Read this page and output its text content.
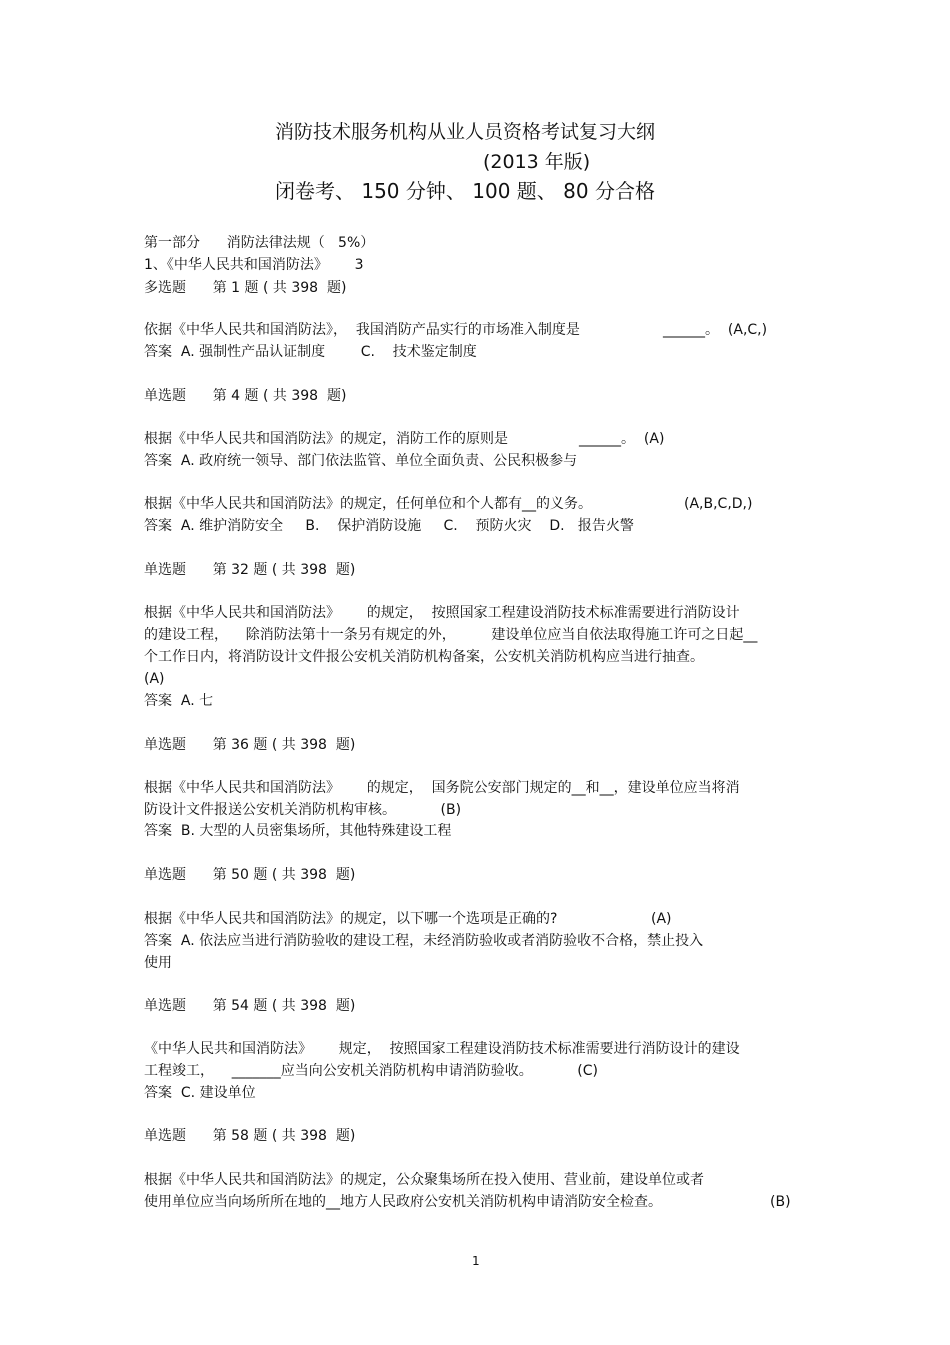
消防技术服务机构从业人员资格考试复习大纲
(2013 年版)
闭卷考、 150 分钟、 100 题、 80 分合格
第一部分      消防法律法规（   5%）
1、《中华人民共和国消防法》      3
多选题      第 1 题 ( 共 398  题)
依据《中华人民共和国消防法》，  我国消防产品实行的市场准入制度是	______。  (A,C,)
答案  A. 强制性产品认证制度        C.    技术鉴定制度
单选题      第 4 题 ( 共 398  题)
根据《中华人民共和国消防法》的规定，消防工作的原则是	______。  (A)
答案  A. 政府统一领导、部门依法监管、单位全面负责、公民积极参与
根据《中华人民共和国消防法》的规定，任何单位和个人都有__的义务。	(A,B,C,D,)
答案  A. 维护消防安全     B.    保护消防设施     C.    预防火灾    D.   报告火警
单选题      第 32 题 ( 共 398  题)
根据《中华人民共和国消防法》      的规定，  按照国家工程建设消防技术标准需要进行消防设计
的建设工程，    除消防法第十一条另有规定的外，        建设单位应当自依法取得施工许可之日起__
个工作日内，将消防设计文件报公安机关消防机构备案，公安机关消防机构应当进行抽查。
(A)
答案  A. 七
单选题      第 36 题 ( 共 398  题)
根据《中华人民共和国消防法》      的规定，  国务院公安部门规定的__和__，建设单位应当将消
防设计文件报送公安机关消防机构审核。          (B)
答案  B. 大型的人员密集场所，其他特殊建设工程
单选题      第 50 题 ( 共 398  题)
根据《中华人民共和国消防法》的规定，以下哪一个选项是正确的?	(A)
答案  A. 依法应当进行消防验收的建设工程，未经消防验收或者消防验收不合格，禁止投入
使用
单选题      第 54 题 ( 共 398  题)
《中华人民共和国消防法》      规定，  按照国家工程建设消防技术标准需要进行消防设计的建设
工程竣工，    _______应当向公安机关消防机构申请消防验收。          (C)
答案  C. 建设单位
单选题      第 58 题 ( 共 398  题)
根据《中华人民共和国消防法》的规定，公众聚集场所在投入使用、营业前，建设单位或者
使用单位应当向场所所在地的__地方人民政府公安机关消防机构申请消防安全检查。	(B)
1
